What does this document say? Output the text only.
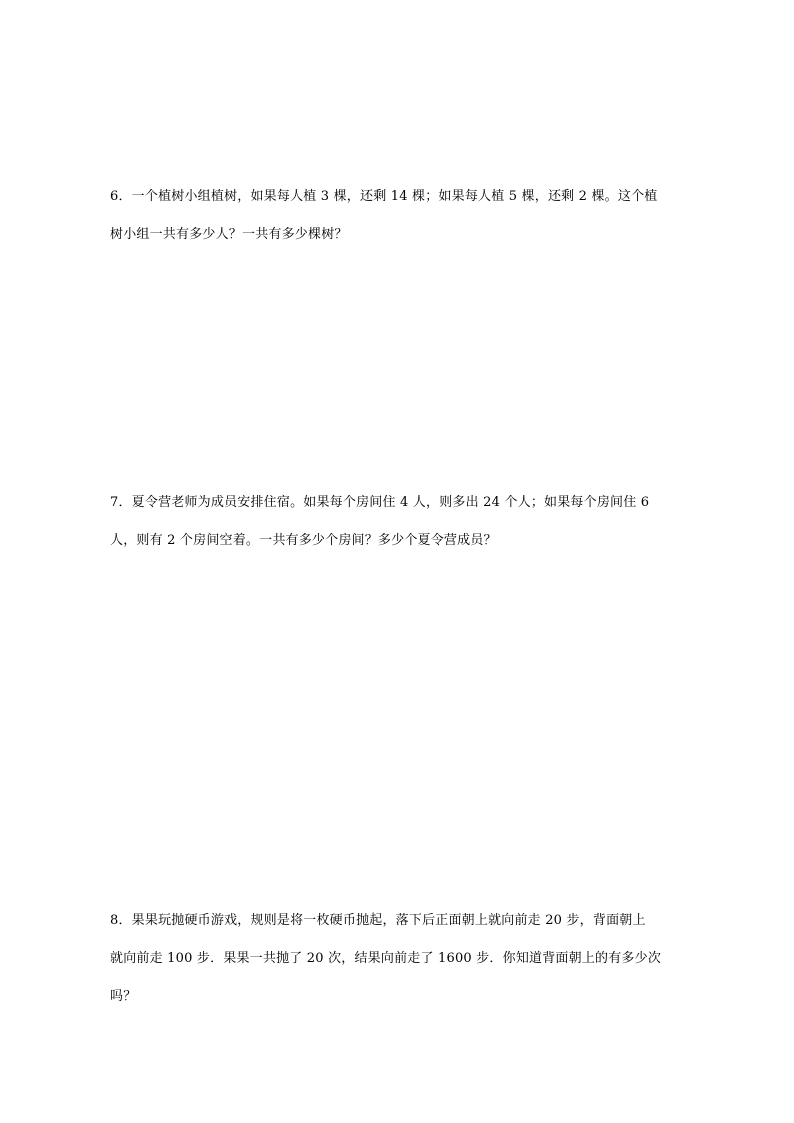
6．一个植树小组植树，如果每人植 3 棵，还剩 14 棵；如果每人植 5 棵，还剩 2 棵。这个植
树小组一共有多少人？一共有多少棵树？
7．夏令营老师为成员安排住宿。如果每个房间住 4 人，则多出 24 个人；如果每个房间住 6
人，则有 2 个房间空着。一共有多少个房间？多少个夏令营成员？
8．果果玩抛硬币游戏，规则是将一枚硬币抛起，落下后正面朝上就向前走 20 步，背面朝上
就向前走 100 步．果果一共抛了 20 次，结果向前走了 1600 步．你知道背面朝上的有多少次
吗？
